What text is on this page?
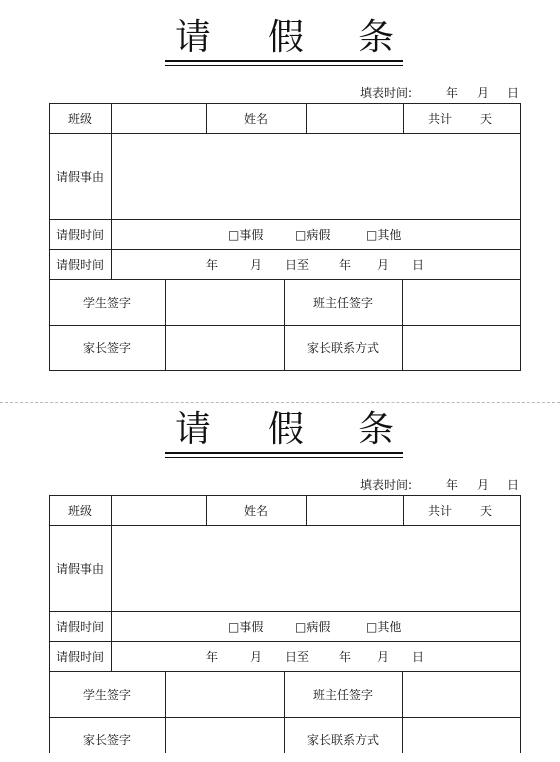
请 假 条
填表时间:	年 月 日
班级	姓名	共计	天
请假事由
请假时间	□事假	□病假	□其他
请假时间	年	月	日至	年	月	日
学生签字	班主任签字
家长签字	家长联系方式
请 假 条
填表时间:	年 月 日
班级	姓名	共计	天
请假事由
请假时间	□事假	□病假	□其他
请假时间	年	月	日至	年	月	日
学生签字	班主任签字
家长签字	家长联系方式
